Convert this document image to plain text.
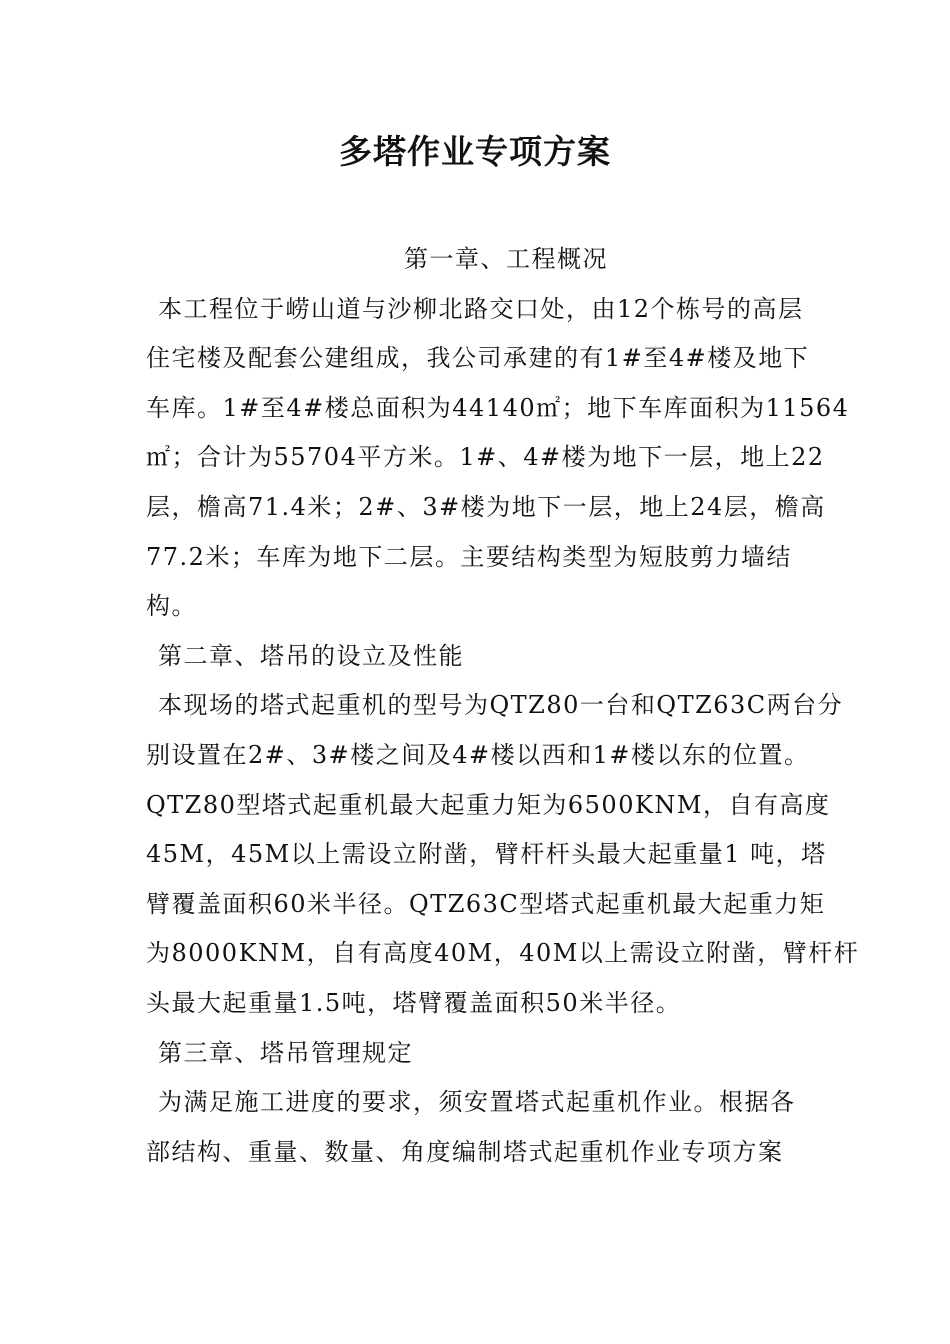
多塔作业专项方案
第一章、工程概况
本工程位于崂山道与沙柳北路交口处，由12个栋号的高层
住宅楼及配套公建组成，我公司承建的有1#至4#楼及地下
车库。1#至4#楼总面积为44140㎡；地下车库面积为11564
㎡；合计为55704平方米。1#、4#楼为地下一层，地上22
层，檐高71.4米；2#、3#楼为地下一层，地上24层，檐高
77.2米；车库为地下二层。主要结构类型为短肢剪力墙结
构。
第二章、塔吊的设立及性能
本现场的塔式起重机的型号为QTZ80一台和QTZ63C两台分
别设置在2#、3#楼之间及4#楼以西和1#楼以东的位置。
QTZ80型塔式起重机最大起重力矩为6500KNM，自有高度
45M，45M以上需设立附凿，臂杆杆头最大起重量1 吨，塔
臂覆盖面积60米半径。QTZ63C型塔式起重机最大起重力矩
为8000KNM，自有高度40M，40M以上需设立附凿，臂杆杆
头最大起重量1.5吨，塔臂覆盖面积50米半径。
第三章、塔吊管理规定
为满足施工进度的要求，须安置塔式起重机作业。根据各
部结构、重量、数量、角度编制塔式起重机作业专项方案
